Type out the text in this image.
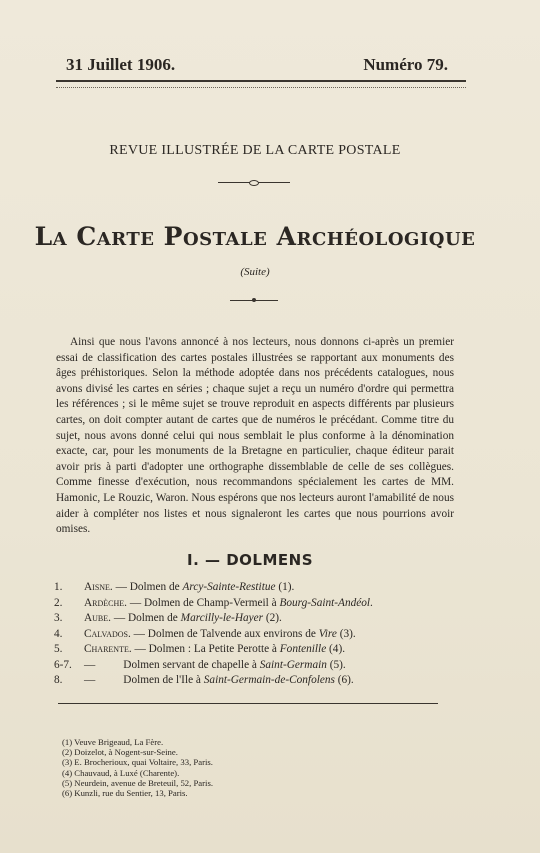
31 Juillet 1906.	Numéro 79.
REVUE ILLUSTRÉE DE LA CARTE POSTALE
La Carte Postale Archéologique
(Suite)
Ainsi que nous l'avons annoncé à nos lecteurs, nous donnons ci-après un premier essai de classification des cartes postales illustrées se rapportant aux monuments des âges préhistoriques. Selon la méthode adoptée dans nos précédents catalogues, nous avons divisé les cartes en séries ; chaque sujet a reçu un numéro d'ordre qui permettra les références ; si le même sujet se trouve reproduit en aspects différents par plusieurs cartes, on doit compter autant de cartes que de numéros le précédant. Comme titre du sujet, nous avons donné celui qui nous semblait le plus conforme à la dénomination exacte, car, pour les monuments de la Bretagne en particulier, chaque éditeur parait avoir pris à parti d'adopter une orthographe dissemblable de celle de ses collègues. Comme finesse d'exécution, nous recommandons spécialement les cartes de MM. Hamonic, Le Rouzic, Waron. Nous espérons que nos lecteurs auront l'amabilité de nous aider à compléter nos listes et nous signaleront les cartes que nous pourrions avoir omises.
I. — DOLMENS
1.	Aisne. — Dolmen de Arcy-Sainte-Restitue (1).
2.	Ardèche. — Dolmen de Champ-Vermeil à Bourg-Saint-Andéol.
3.	Aube. — Dolmen de Marcilly-le-Hayer (2).
4.	Calvados. — Dolmen de Talvende aux environs de Vire (3).
5.	Charente. — Dolmen : La Petite Perotte à Fontenille (4).
6-7.	—	Dolmen servant de chapelle à Saint-Germain (5).
8.	—	Dolmen de l'Ile à Saint-Germain-de-Confolens (6).
(1) Veuve Brigeaud, La Fère.
(2) Doizelot, à Nogent-sur-Seine.
(3) E. Brocherioux, quai Voltaire, 33, Paris.
(4) Chauvaud, à Luxé (Charente).
(5) Neurdein, avenue de Breteuil, 52, Paris.
(6) Kunzli, rue du Sentier, 13, Paris.
